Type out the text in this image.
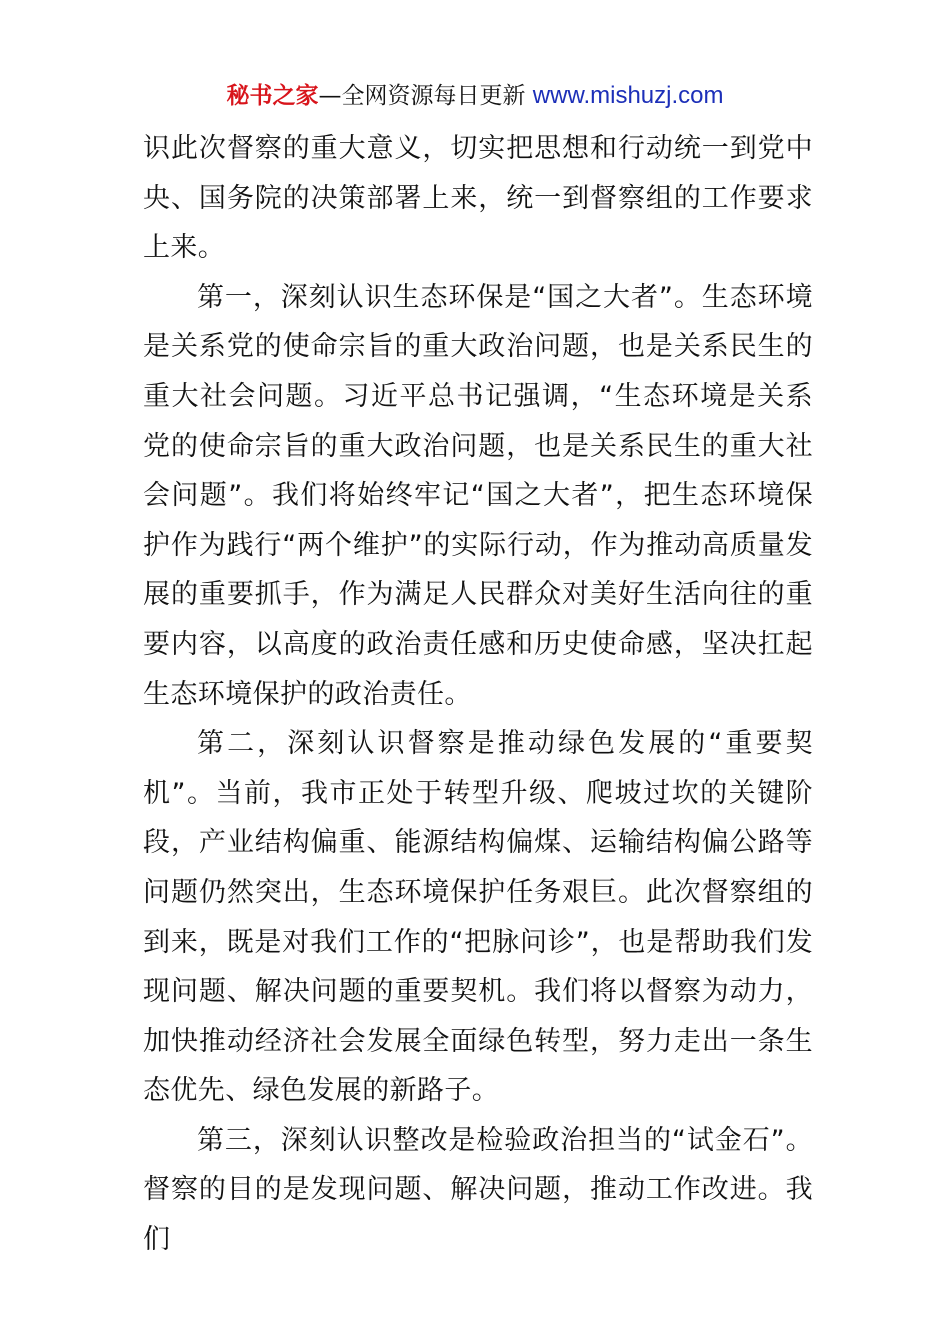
秘书之家—全网资源每日更新 www.mishuzj.com

识此次督察的重大意义，切实把思想和行动统一到党中央、国务院的决策部署上来，统一到督察组的工作要求上来。

第一，深刻认识生态环保是“国之大者”。生态环境是关系党的使命宗旨的重大政治问题，也是关系民生的重大社会问题。习近平总书记强调，“生态环境是关系党的使命宗旨的重大政治问题，也是关系民生的重大社会问题”。我们将始终牢记“国之大者”，把生态环境保护作为践行“两个维护”的实际行动，作为推动高质量发展的重要抓手，作为满足人民群众对美好生活向往的重要内容，以高度的政治责任感和历史使命感，坚决扛起生态环境保护的政治责任。

第二，深刻认识督察是推动绿色发展的“重要契机”。当前，我市正处于转型升级、爬坡过坎的关键阶段，产业结构偏重、能源结构偏煤、运输结构偏公路等问题仍然突出，生态环境保护任务艰巨。此次督察组的到来，既是对我们工作的“把脉问诊”，也是帮助我们发现问题、解决问题的重要契机。我们将以督察为动力，加快推动经济社会发展全面绿色转型，努力走出一条生态优先、绿色发展的新路子。

第三，深刻认识整改是检验政治担当的“试金石”。督察的目的是发现问题、解决问题，推动工作改进。我们
